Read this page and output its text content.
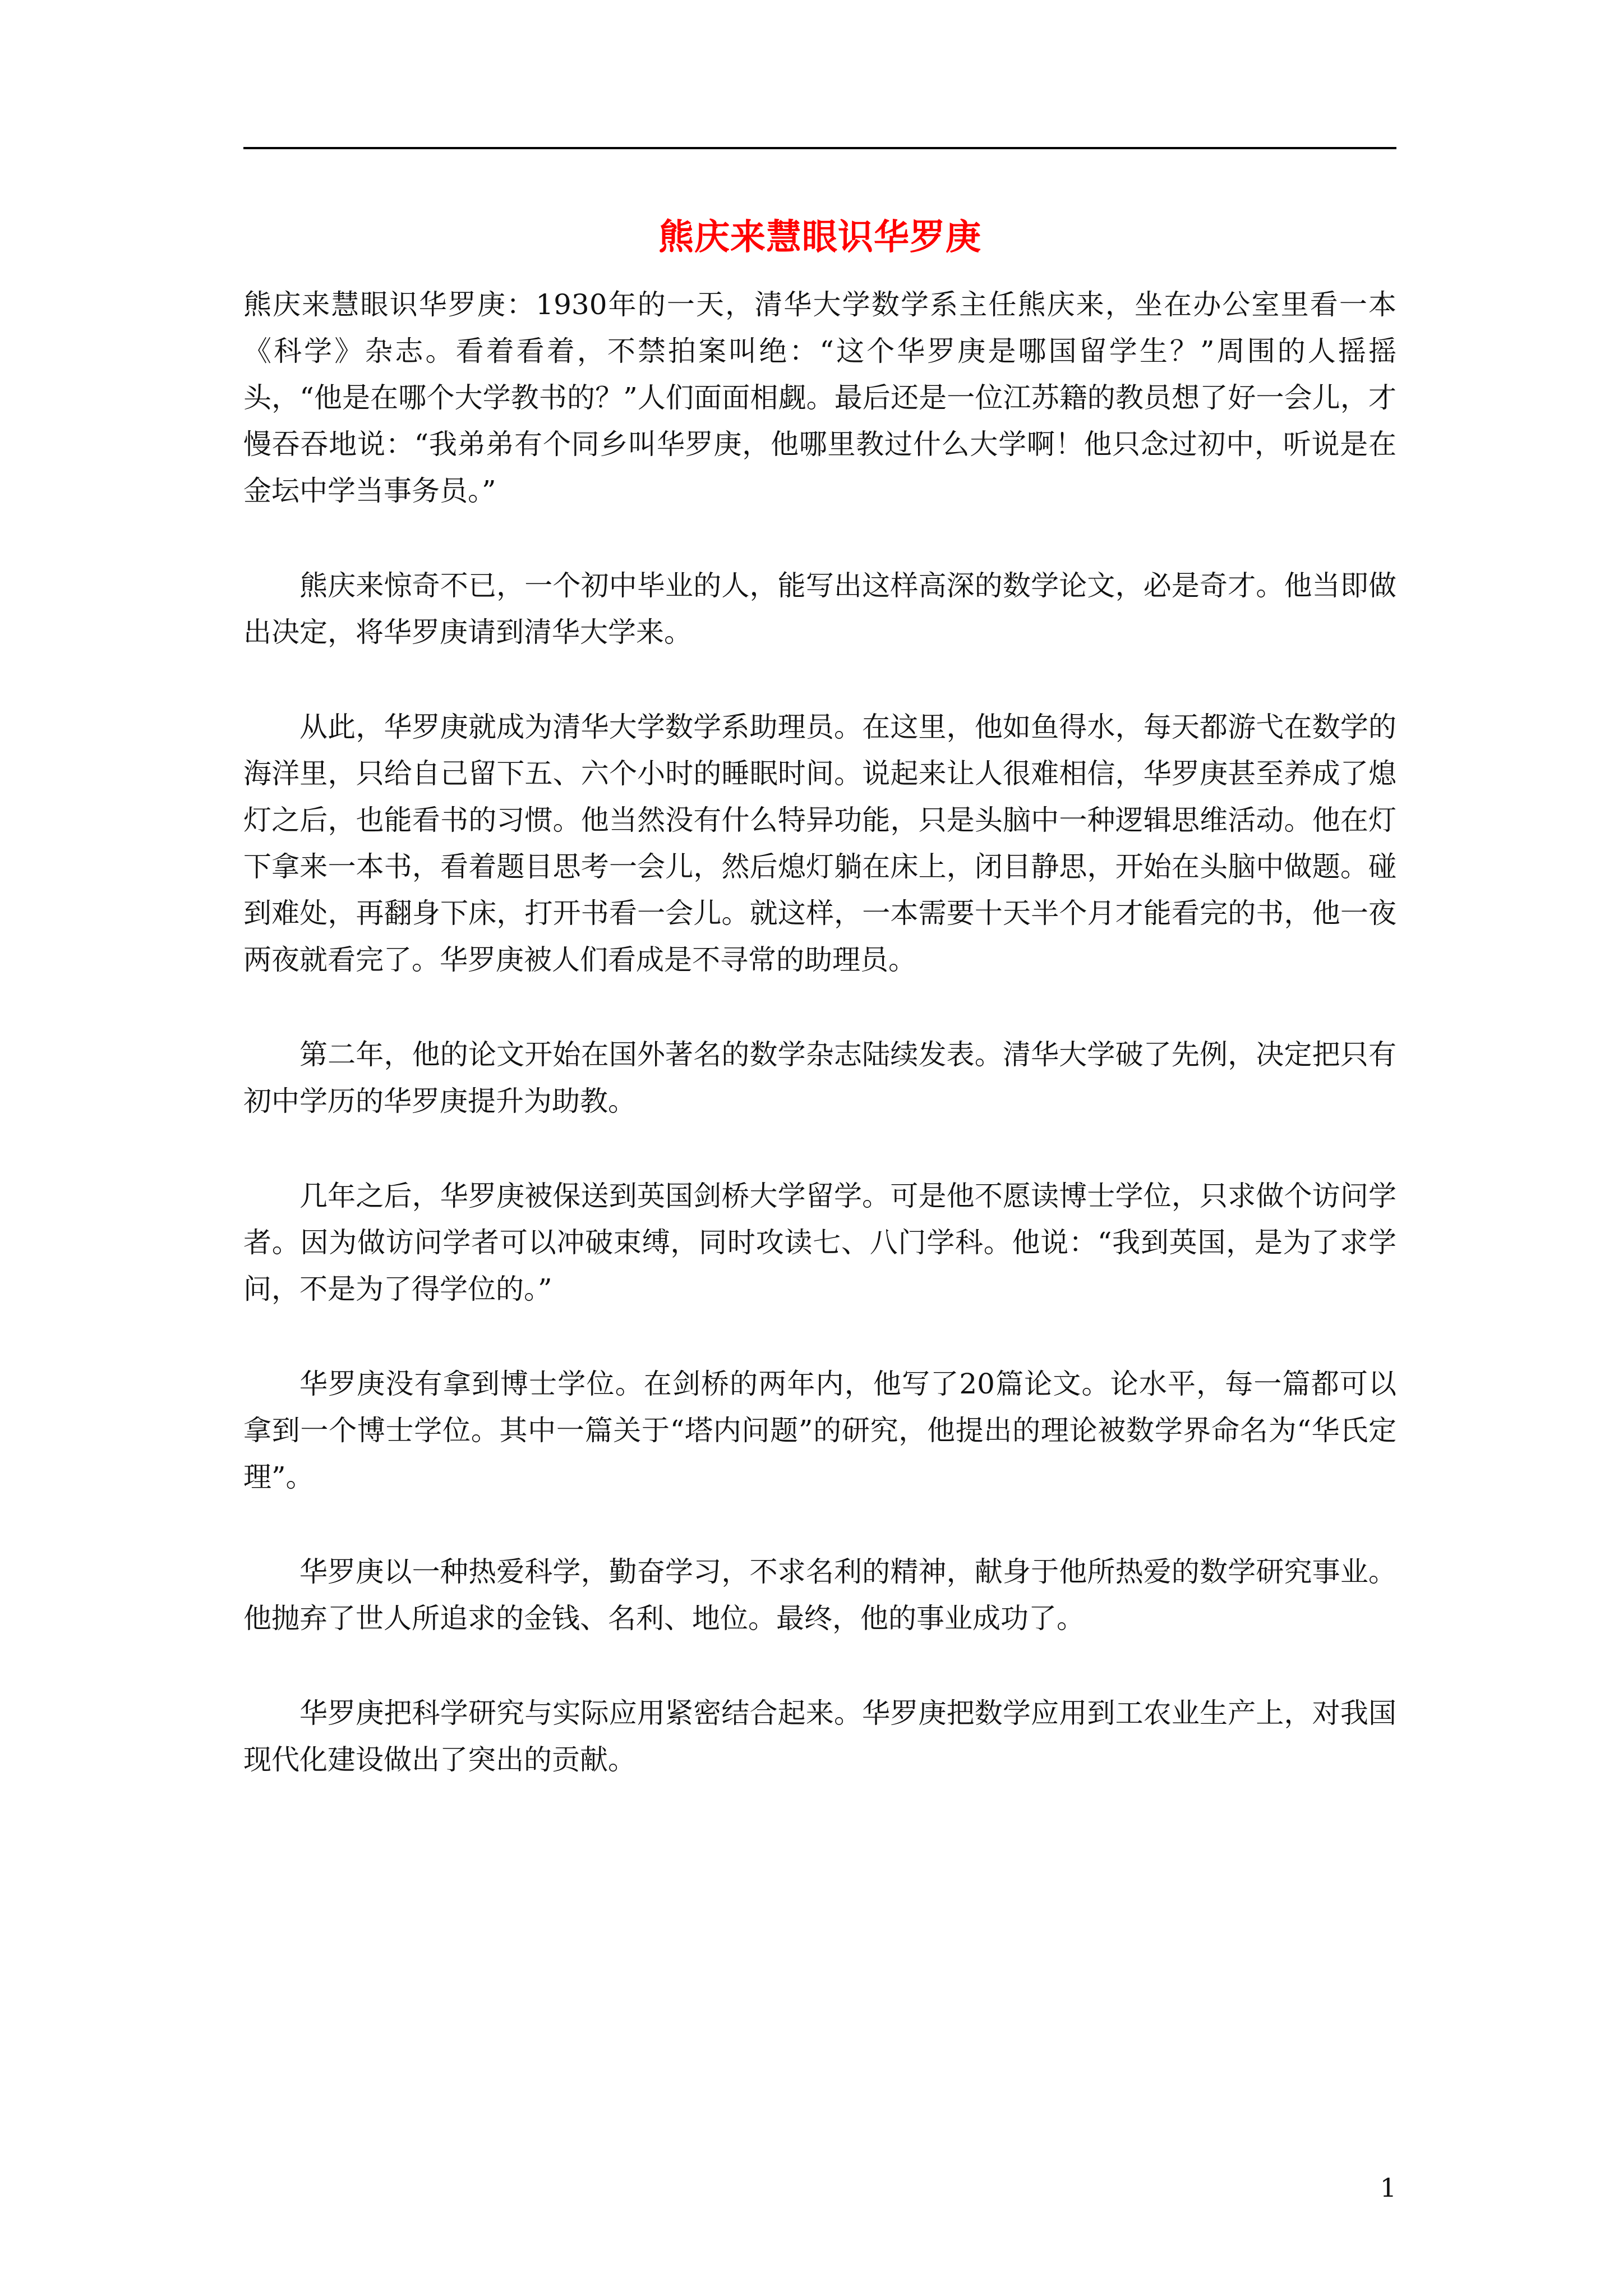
熊庆来慧眼识华罗庚

熊庆来慧眼识华罗庚：1930年的一天，清华大学数学系主任熊庆来，坐在办公室里看一本《科学》杂志。看着看着，不禁拍案叫绝：“这个华罗庚是哪国留学生？”周围的人摇摇头，“他是在哪个大学教书的？”人们面面相觑。最后还是一位江苏籍的教员想了好一会儿，才慢吞吞地说：“我弟弟有个同乡叫华罗庚，他哪里教过什么大学啊！他只念过初中，听说是在金坛中学当事务员。”

熊庆来惊奇不已，一个初中毕业的人，能写出这样高深的数学论文，必是奇才。他当即做出决定，将华罗庚请到清华大学来。

从此，华罗庚就成为清华大学数学系助理员。在这里，他如鱼得水，每天都游弋在数学的海洋里，只给自己留下五、六个小时的睡眠时间。说起来让人很难相信，华罗庚甚至养成了熄灯之后，也能看书的习惯。他当然没有什么特异功能，只是头脑中一种逻辑思维活动。他在灯下拿来一本书，看着题目思考一会儿，然后熄灯躺在床上，闭目静思，开始在头脑中做题。碰到难处，再翻身下床，打开书看一会儿。就这样，一本需要十天半个月才能看完的书，他一夜两夜就看完了。华罗庚被人们看成是不寻常的助理员。

第二年，他的论文开始在国外著名的数学杂志陆续发表。清华大学破了先例，决定把只有初中学历的华罗庚提升为助教。

几年之后，华罗庚被保送到英国剑桥大学留学。可是他不愿读博士学位，只求做个访问学者。因为做访问学者可以冲破束缚，同时攻读七、八门学科。他说：“我到英国，是为了求学问，不是为了得学位的。”

华罗庚没有拿到博士学位。在剑桥的两年内，他写了20篇论文。论水平，每一篇都可以拿到一个博士学位。其中一篇关于“塔内问题”的研究，他提出的理论被数学界命名为“华氏定理”。

华罗庚以一种热爱科学，勤奋学习，不求名利的精神，献身于他所热爱的数学研究事业。他抛弃了世人所追求的金钱、名利、地位。最终，他的事业成功了。

华罗庚把科学研究与实际应用紧密结合起来。华罗庚把数学应用到工农业生产上，对我国现代化建设做出了突出的贡献。

1
